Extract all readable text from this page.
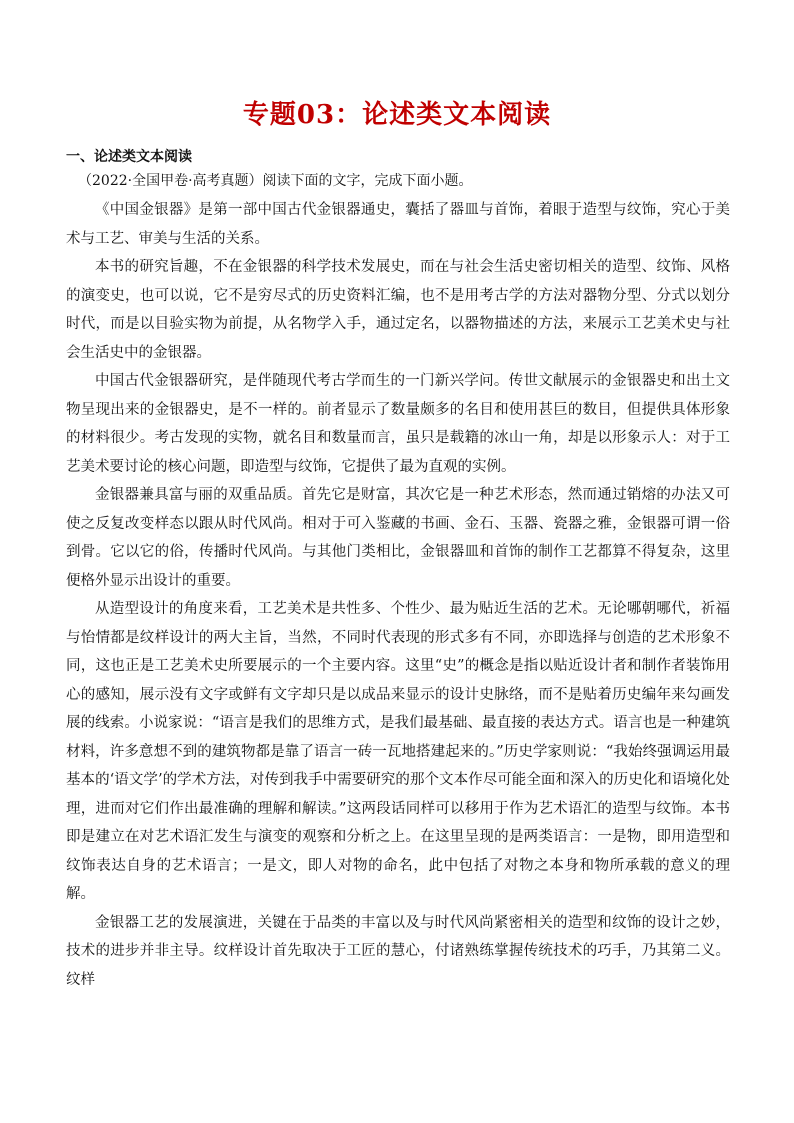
专题03：论述类文本阅读
一、论述类文本阅读
（2022·全国甲卷·高考真题）阅读下面的文字，完成下面小题。

《中国金银器》是第一部中国古代金银器通史，囊括了器皿与首饰，着眼于造型与纹饰，究心于美术与工艺、审美与生活的关系。

本书的研究旨趣，不在金银器的科学技术发展史，而在与社会生活史密切相关的造型、纹饰、风格的演变史，也可以说，它不是穷尽式的历史资料汇编，也不是用考古学的方法对器物分型、分式以划分时代，而是以目验实物为前提，从名物学入手，通过定名，以器物描述的方法，来展示工艺美术史与社会生活史中的金银器。

中国古代金银器研究，是伴随现代考古学而生的一门新兴学问。传世文献展示的金银器史和出土文物呈现出来的金银器史，是不一样的。前者显示了数量颇多的名目和使用甚巨的数目，但提供具体形象的材料很少。考古发现的实物，就名目和数量而言，虽只是载籍的冰山一角，却是以形象示人：对于工艺美术要讨论的核心问题，即造型与纹饰，它提供了最为直观的实例。

金银器兼具富与丽的双重品质。首先它是财富，其次它是一种艺术形态，然而通过销熔的办法又可使之反复改变样态以跟从时代风尚。相对于可入鉴藏的书画、金石、玉器、瓷器之雅，金银器可谓一俗到骨。它以它的俗，传播时代风尚。与其他门类相比，金银器皿和首饰的制作工艺都算不得复杂，这里便格外显示出设计的重要。

从造型设计的角度来看，工艺美术是共性多、个性少、最为贴近生活的艺术。无论哪朝哪代，祈福与怡情都是纹样设计的两大主旨，当然，不同时代表现的形式多有不同，亦即选择与创造的艺术形象不同，这也正是工艺美术史所要展示的一个主要内容。这里“史”的概念是指以贴近设计者和制作者装饰用心的感知，展示没有文字或鲜有文字却只是以成品来显示的设计史脉络，而不是贴着历史编年来勾画发展的线索。小说家说：“语言是我们的思维方式，是我们最基础、最直接的表达方式。语言也是一种建筑材料，许多意想不到的建筑物都是靠了语言一砖一瓦地搭建起来的。”历史学家则说：“我始终强调运用最基本的‘语文学’的学术方法，对传到我手中需要研究的那个文本作尽可能全面和深入的历史化和语境化处理，进而对它们作出最准确的理解和解读。”这两段话同样可以移用于作为艺术语汇的造型与纹饰。本书即是建立在对艺术语汇发生与演变的观察和分析之上。在这里呈现的是两类语言：一是物，即用造型和纹饰表达自身的艺术语言；一是文，即人对物的命名，此中包括了对物之本身和物所承载的意义的理解。

金银器工艺的发展演进，关键在于品类的丰富以及与时代风尚紧密相关的造型和纹饰的设计之妙，技术的进步并非主导。纹样设计首先取决于工匠的慧心，付诸熟练掌握传统技术的巧手，乃其第二义。纹样
